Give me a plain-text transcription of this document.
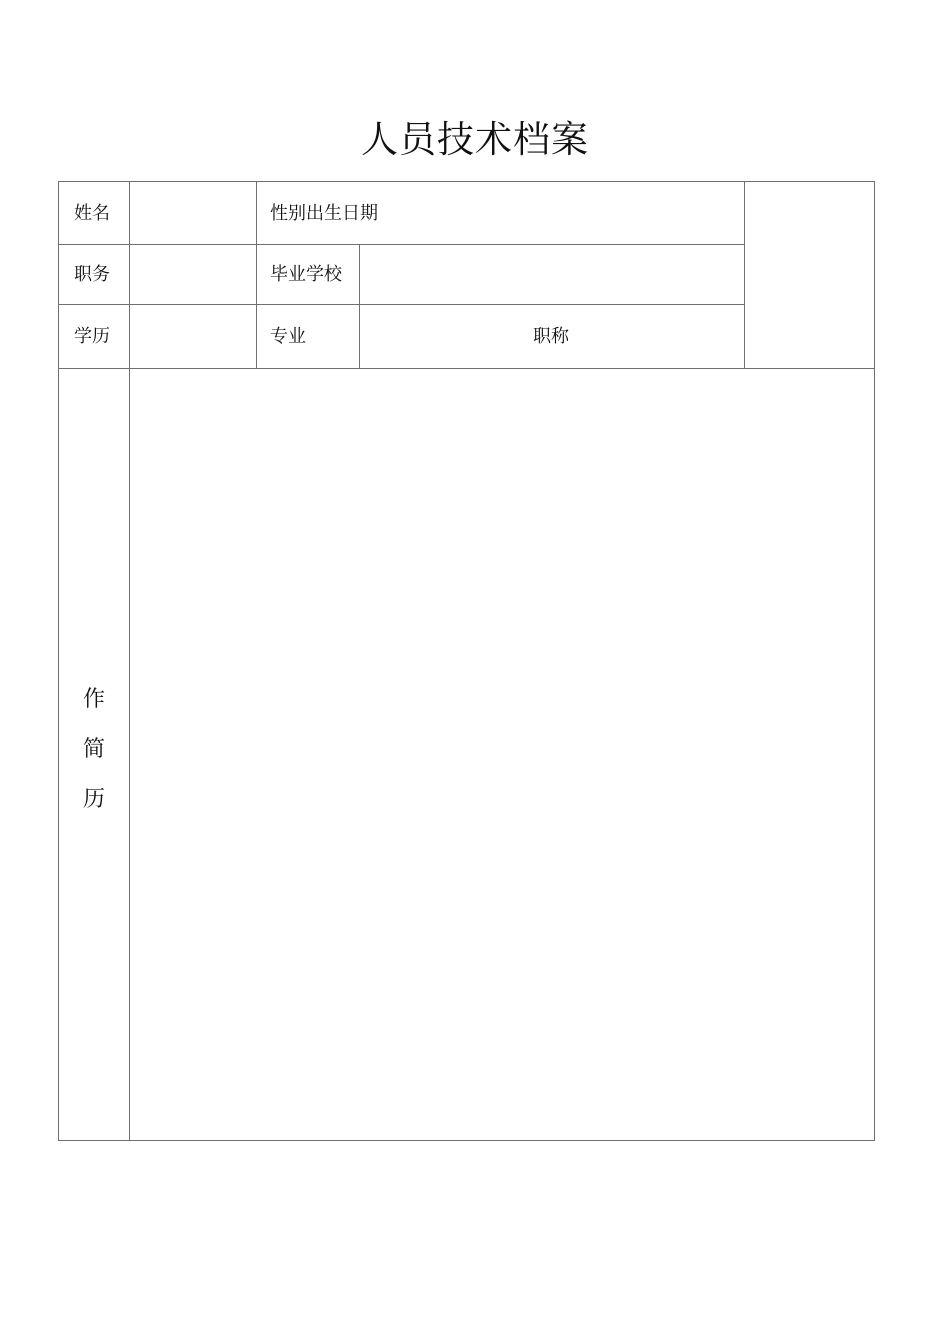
人员技术档案
姓名	性别出生日期
职务	毕业学校
学历	专业	职称
作
简
历
